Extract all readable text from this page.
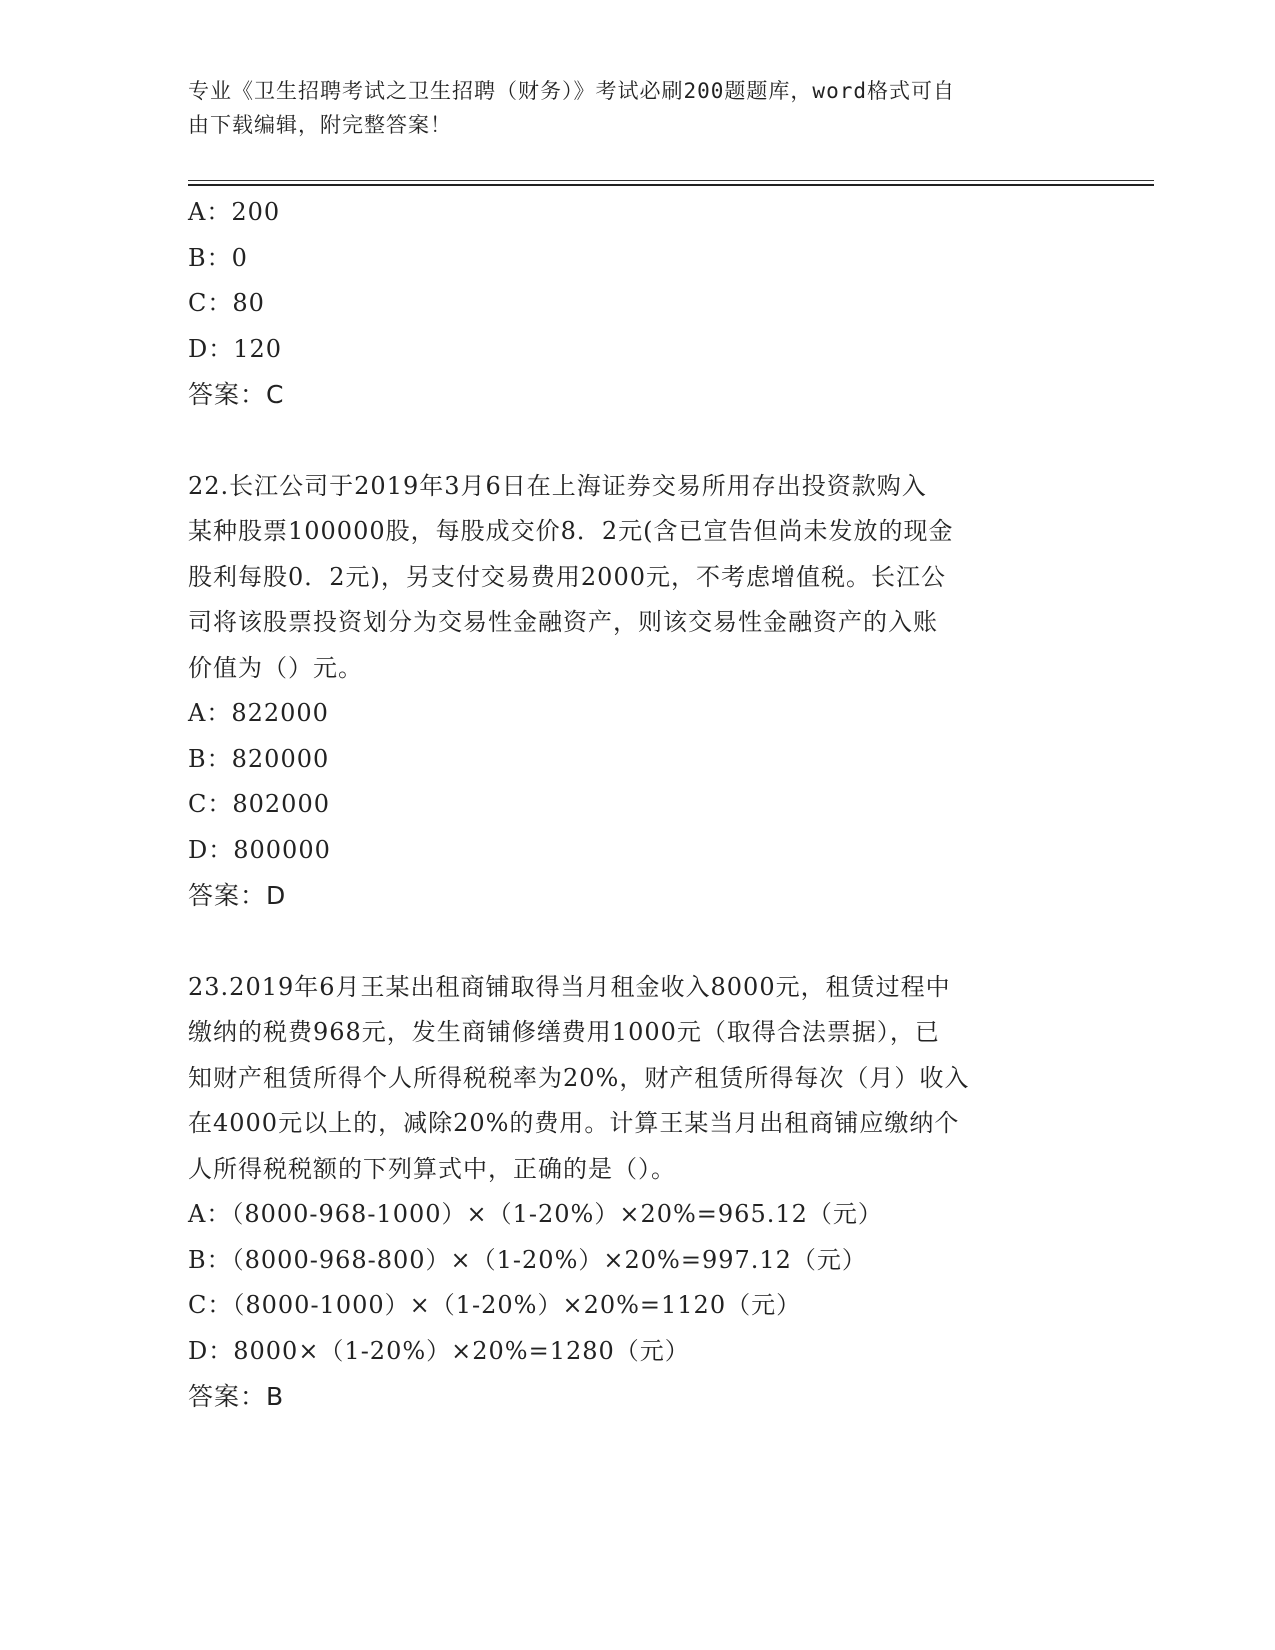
专业《卫生招聘考试之卫生招聘（财务）》考试必刷200题题库，word格式可自
由下载编辑，附完整答案！
A：200
B：0
C：80
D：120
答案：C
22.长江公司于2019年3月6日在上海证券交易所用存出投资款购入
某种股票100000股，每股成交价8．2元(含已宣告但尚未发放的现金
股利每股0．2元)，另支付交易费用2000元，不考虑增值税。长江公
司将该股票投资划分为交易性金融资产，则该交易性金融资产的入账
价值为（）元。
A：822000
B：820000
C：802000
D：800000
答案：D
23.2019年6月王某出租商铺取得当月租金收入8000元，租赁过程中
缴纳的税费968元，发生商铺修缮费用1000元（取得合法票据），已
知财产租赁所得个人所得税税率为20%，财产租赁所得每次（月）收入
在4000元以上的，减除20%的费用。计算王某当月出租商铺应缴纳个
人所得税税额的下列算式中，正确的是（）。
A：（8000-968-1000）×（1-20%）×20%=965.12（元）
B：（8000-968-800）×（1-20%）×20%=997.12（元）
C：（8000-1000）×（1-20%）×20%=1120（元）
D：8000×（1-20%）×20%=1280（元）
答案：B
